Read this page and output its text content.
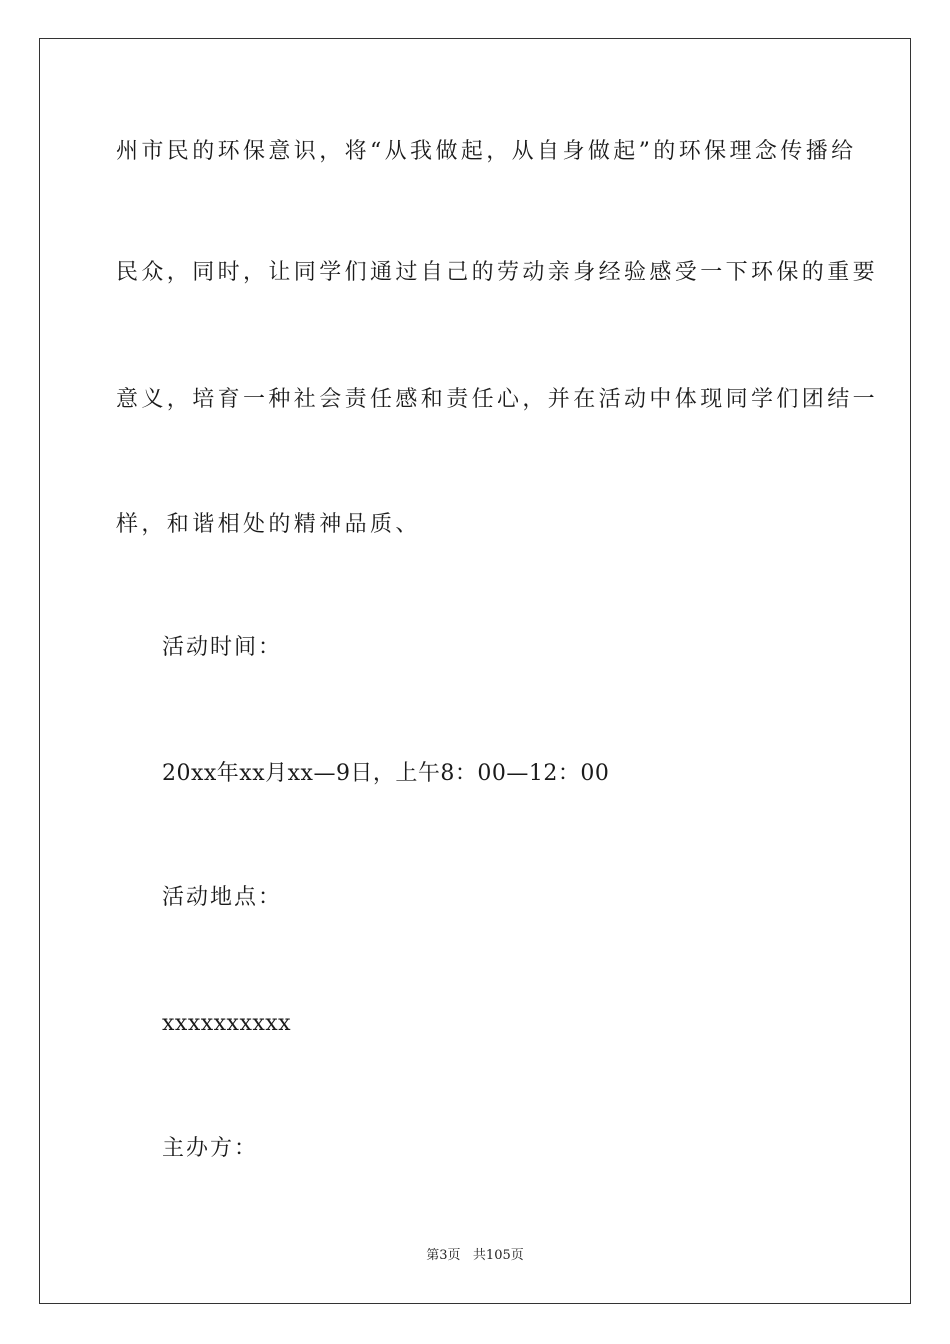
州市民的环保意识，将“从我做起，从自身做起”的环保理念传播给
民众，同时，让同学们通过自己的劳动亲身经验感受一下环保的重要
意义，培育一种社会责任感和责任心，并在活动中体现同学们团结一
样，和谐相处的精神品质、
活动时间：
20xx年xx月xx—9日，上午8：00—12：00
活动地点：
xxxxxxxxxx
主办方：
第3页   共105页
